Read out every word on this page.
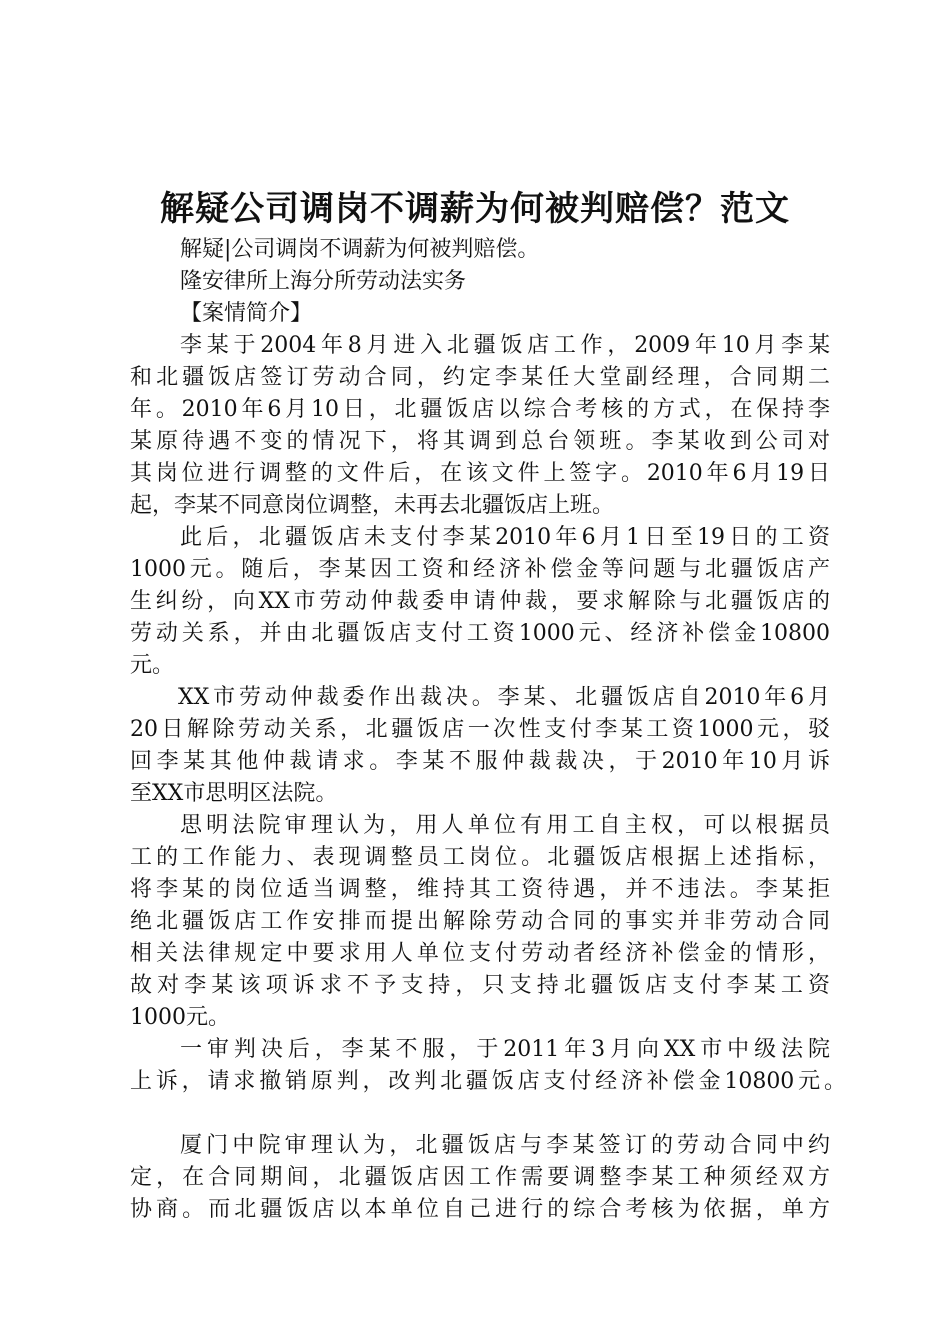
解疑公司调岗不调薪为何被判赔偿？范文
解疑|公司调岗不调薪为何被判赔偿。
隆安律所上海分所劳动法实务
【案情简介】
李某于2004年8月进入北疆饭店工作，2009年10月李某
和北疆饭店签订劳动合同，约定李某任大堂副经理，合同期二
年。2010年6月10日，北疆饭店以综合考核的方式，在保持李
某原待遇不变的情况下，将其调到总台领班。李某收到公司对
其岗位进行调整的文件后，在该文件上签字。2010年6月19日
起，李某不同意岗位调整，未再去北疆饭店上班。
此后，北疆饭店未支付李某2010年6月1日至19日的工资
1000元。随后，李某因工资和经济补偿金等问题与北疆饭店产
生纠纷，向XX市劳动仲裁委申请仲裁，要求解除与北疆饭店的
劳动关系，并由北疆饭店支付工资1000元、经济补偿金10800
元。
XX市劳动仲裁委作出裁决。李某、北疆饭店自2010年6月
20日解除劳动关系，北疆饭店一次性支付李某工资1000元，驳
回李某其他仲裁请求。李某不服仲裁裁决，于2010年10月诉
至XX市思明区法院。
思明法院审理认为，用人单位有用工自主权，可以根据员
工的工作能力、表现调整员工岗位。北疆饭店根据上述指标，
将李某的岗位适当调整，维持其工资待遇，并不违法。李某拒
绝北疆饭店工作安排而提出解除劳动合同的事实并非劳动合同
相关法律规定中要求用人单位支付劳动者经济补偿金的情形，
故对李某该项诉求不予支持，只支持北疆饭店支付李某工资
1000元。
一审判决后，李某不服，于2011年3月向XX市中级法院
上诉，请求撤销原判，改判北疆饭店支付经济补偿金10800元。
厦门中院审理认为，北疆饭店与李某签订的劳动合同中约
定，在合同期间，北疆饭店因工作需要调整李某工种须经双方
协商。而北疆饭店以本单位自己进行的综合考核为依据，单方
